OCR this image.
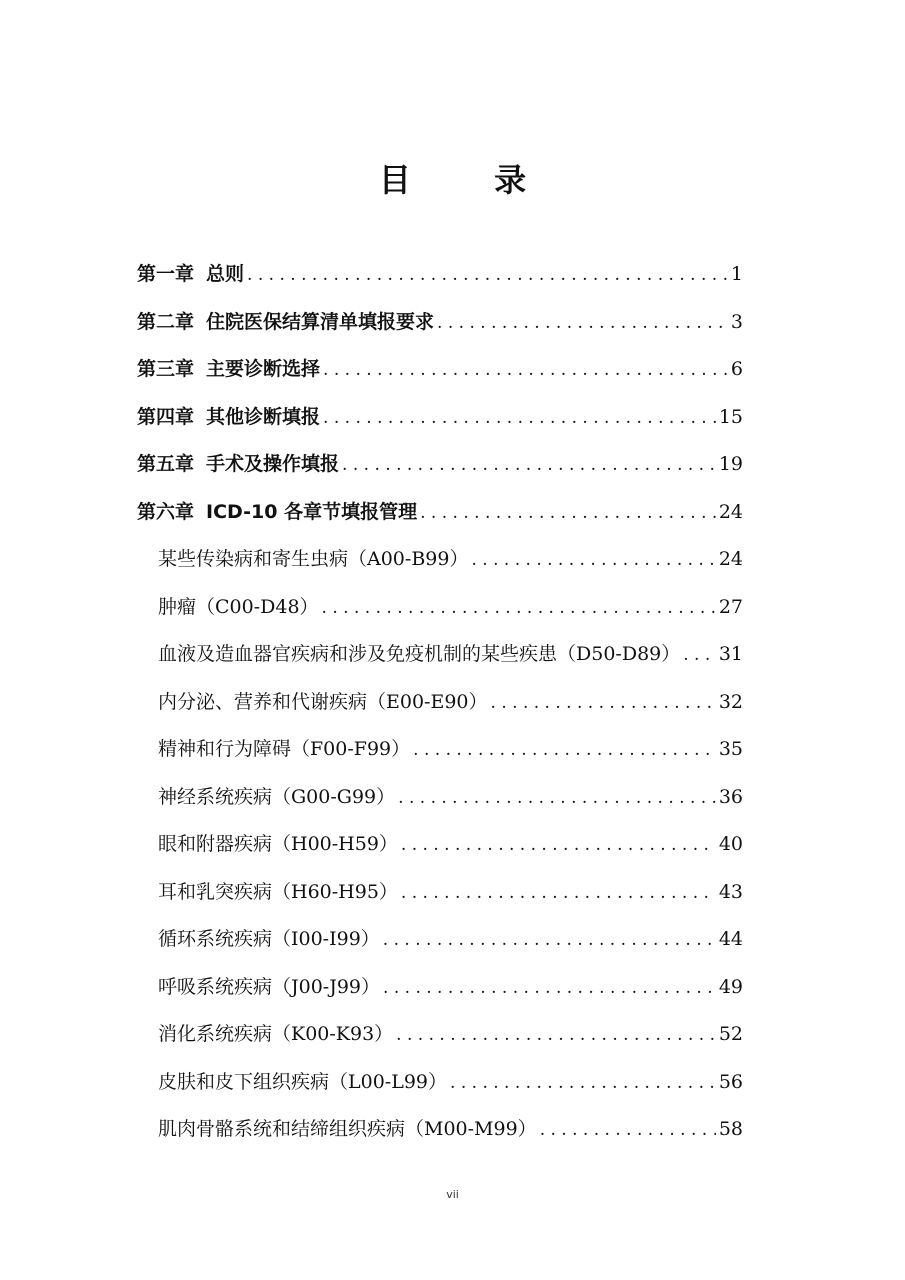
目 录
第一章 总则 . . .	1
第二章 住院医保结算清单填报要求 . . .	3
第三章 主要诊断选择 . . .	6
第四章 其他诊断填报 . . .	15
第五章 手术及操作填报 . . .	19
第六章 ICD-10 各章节填报管理 . . .	24
某些传染病和寄生虫病（A00-B99） . . .	24
肿瘤（C00-D48） . . .	27
血液及造血器官疾病和涉及免疫机制的某些疾患（D50-D89） . . . 31
内分泌、营养和代谢疾病（E00-E90） . . .	32
精神和行为障碍（F00-F99） . . .	35
神经系统疾病（G00-G99） . . .	36
眼和附器疾病（H00-H59） . . .	40
耳和乳突疾病（H60-H95） . . .	43
循环系统疾病（I00-I99） . . .	44
呼吸系统疾病（J00-J99） . . .	49
消化系统疾病（K00-K93） . . .	52
皮肤和皮下组织疾病（L00-L99） . . .	56
肌肉骨骼系统和结缔组织疾病（M00-M99） . . .	58
vii
